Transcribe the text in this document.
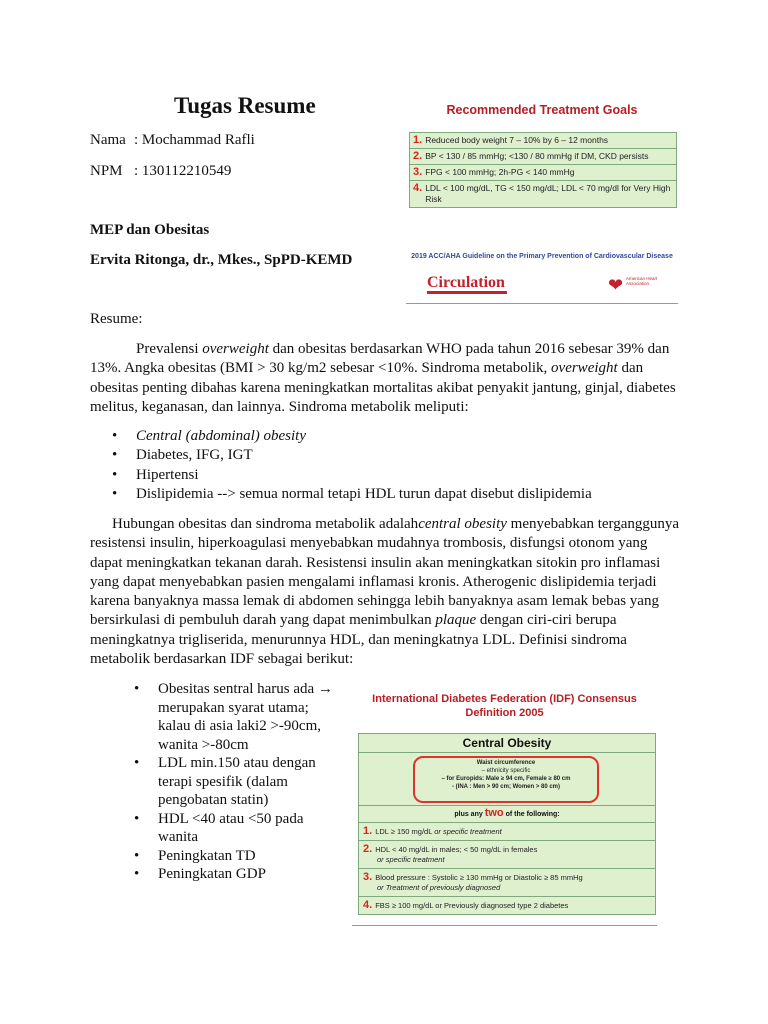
Tugas Resume
Nama : Mochammad Rafli
NPM : 130112210549
MEP dan Obesitas
Ervita Ritonga, dr., Mkes., SpPD-KEMD
Resume:

Prevalensi overweight dan obesitas berdasarkan WHO pada tahun 2016 sebesar 39% dan 13%. Angka obesitas (BMI > 30 kg/m2 sebesar <10%. Sindroma metabolik, overweight dan obesitas penting dibahas karena meningkatkan mortalitas akibat penyakit jantung, ginjal, diabetes melitus, keganasan, dan lainnya. Sindroma metabolik meliputi:

• Central (abdominal) obesity
• Diabetes, IFG, IGT
• Hipertensi
• Dislipidemia --> semua normal tetapi HDL turun dapat disebut dislipidemia

Hubungan obesitas dan sindroma metabolik adalahcentral obesity menyebabkan terganggunya resistensi insulin, hiperkoagulasi menyebabkan mudahnya trombosis, disfungsi otonom yang dapat meningkatkan tekanan darah. Resistensi insulin akan meningkatkan sitokin pro inflamasi yang dapat menyebabkan pasien mengalami inflamasi kronis. Atherogenic dislipidemia terjadi karena banyaknya massa lemak di abdomen sehingga lebih banyaknya asam lemak bebas yang bersirkulasi di pembuluh darah yang dapat menimbulkan plaque dengan ciri-ciri berupa meningkatnya trigliserida, menurunnya HDL, dan meningkatnya LDL. Definisi sindroma metabolik berdasarkan IDF sebagai berikut:

• Obesitas sentral harus ada → merupakan syarat utama; kalau di asia laki2 >-90cm, wanita >-80cm
• LDL min.150 atau dengan terapi spesifik (dalam pengobatan statin)
• HDL <40 atau <50 pada wanita
• Peningkatan TD
• Peningkatan GDP
Recommended Treatment Goals
1. Reduced body weight 7 – 10% by 6 – 12 months
2. BP < 130 / 85 mmHg; <130 / 80 mmHg if DM, CKD persists
3. FPG < 100 mmHg; 2h-PG < 140 mmHg
4. LDL < 100 mg/dL, TG < 150 mg/dL; LDL < 70 mg/dl for Very High Risk
2019 ACC/AHA Guideline on the Primary Prevention of Cardiovascular Disease
Circulation	❤ American Heart Association.
International Diabetes Federation (IDF) Consensus Definition 2005
Central Obesity
Waist circumference
– ethnicity specific
– for Europids: Male ≥ 94 cm, Female ≥ 80 cm
- (INA : Men > 90 cm; Women > 80 cm)
plus any two of the following:
1. LDL ≥ 150 mg/dL or specific treatment
2. HDL < 40 mg/dL in males; < 50 mg/dL in females
or specific treatment
3. Blood pressure : Systolic ≥ 130 mmHg or Diastolic ≥ 85 mmHg
or Treatment of previously diagnosed
4. FBS ≥ 100 mg/dL or Previously diagnosed type 2 diabetes
